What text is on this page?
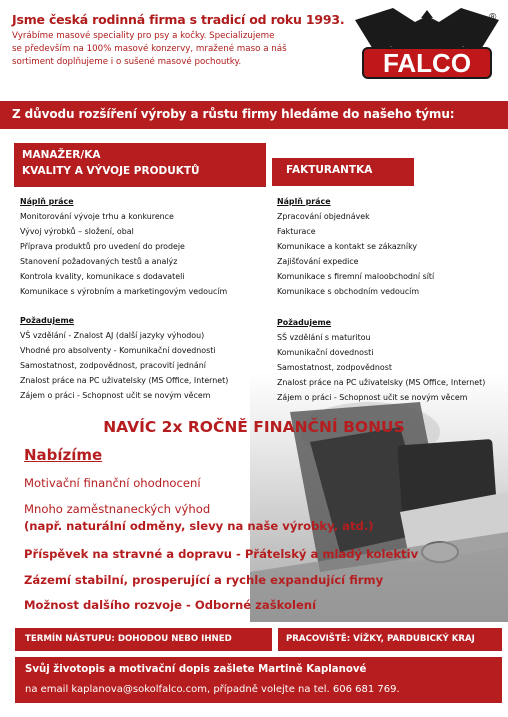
Jsme česká rodinná firma s tradicí od roku 1993.

Vyrábíme masové speciality pro psy a kočky. Specializujeme
se především na 100% masové konzervy, mražené maso a náš
sortiment doplňujeme i o sušené masové pochoutky.	FALCO
®
Z důvodu rozšíření výroby a růstu firmy hledáme do našeho týmu:
MANAŽER/KA
KVALITY A VÝVOJE PRODUKTŮ	FAKTURANTKA
Náplň práce
Monitorování vývoje trhu a konkurence
Vývoj výrobků – složení, obal
Příprava produktů pro uvedení do prodeje
Stanovení požadovaných testů a analýz
Kontrola kvality, komunikace s dodavateli
Komunikace s výrobním a marketingovým vedoucím
Požadujeme
VŠ vzdělání - Znalost AJ (další jazyky výhodou)
Vhodné pro absolventy - Komunikační dovednosti
Samostatnost, zodpovědnost, pracovití jednání
Znalost práce na PC uživatelsky (MS Office, Internet)
Zájem o práci - Schopnost učit se novým věcem
Náplň práce
Zpracování objednávek
Fakturace
Komunikace a kontakt se zákazníky
Zajišťování expedice
Komunikace s firemní maloobchodní sítí
Komunikace s obchodním vedoucím
Požadujeme
SŠ vzdělání s maturitou
Komunikační dovednosti
Samostatnost, zodpovědnost
Znalost práce na PC uživatelsky (MS Office, Internet)
Zájem o práci - Schopnost učit se novým věcem
NAVÍC 2x ROČNĚ FINANČNÍ BONUS
Nabízíme
Motivační finanční ohodnocení
Mnoho zaměstnaneckých výhod
(např. naturální odměny, slevy na naše výrobky, atd.)
Příspěvek na stravné a dopravu - Přátelský a mladý kolektiv
Zázemí stabilní, prosperující a rychle expandující firmy
Možnost dalšího rozvoje - Odborné zaškolení
TERMÍN NÁSTUPU: DOHODOU NEBO IHNED	PRACOVIŠTĚ: VÍŽKY, PARDUBICKÝ KRAJ
Svůj životopis a motivační dopis zašlete Martině Kaplanové
na email kaplanova@sokolfalco.com, případně volejte na tel. 606 681 769.
